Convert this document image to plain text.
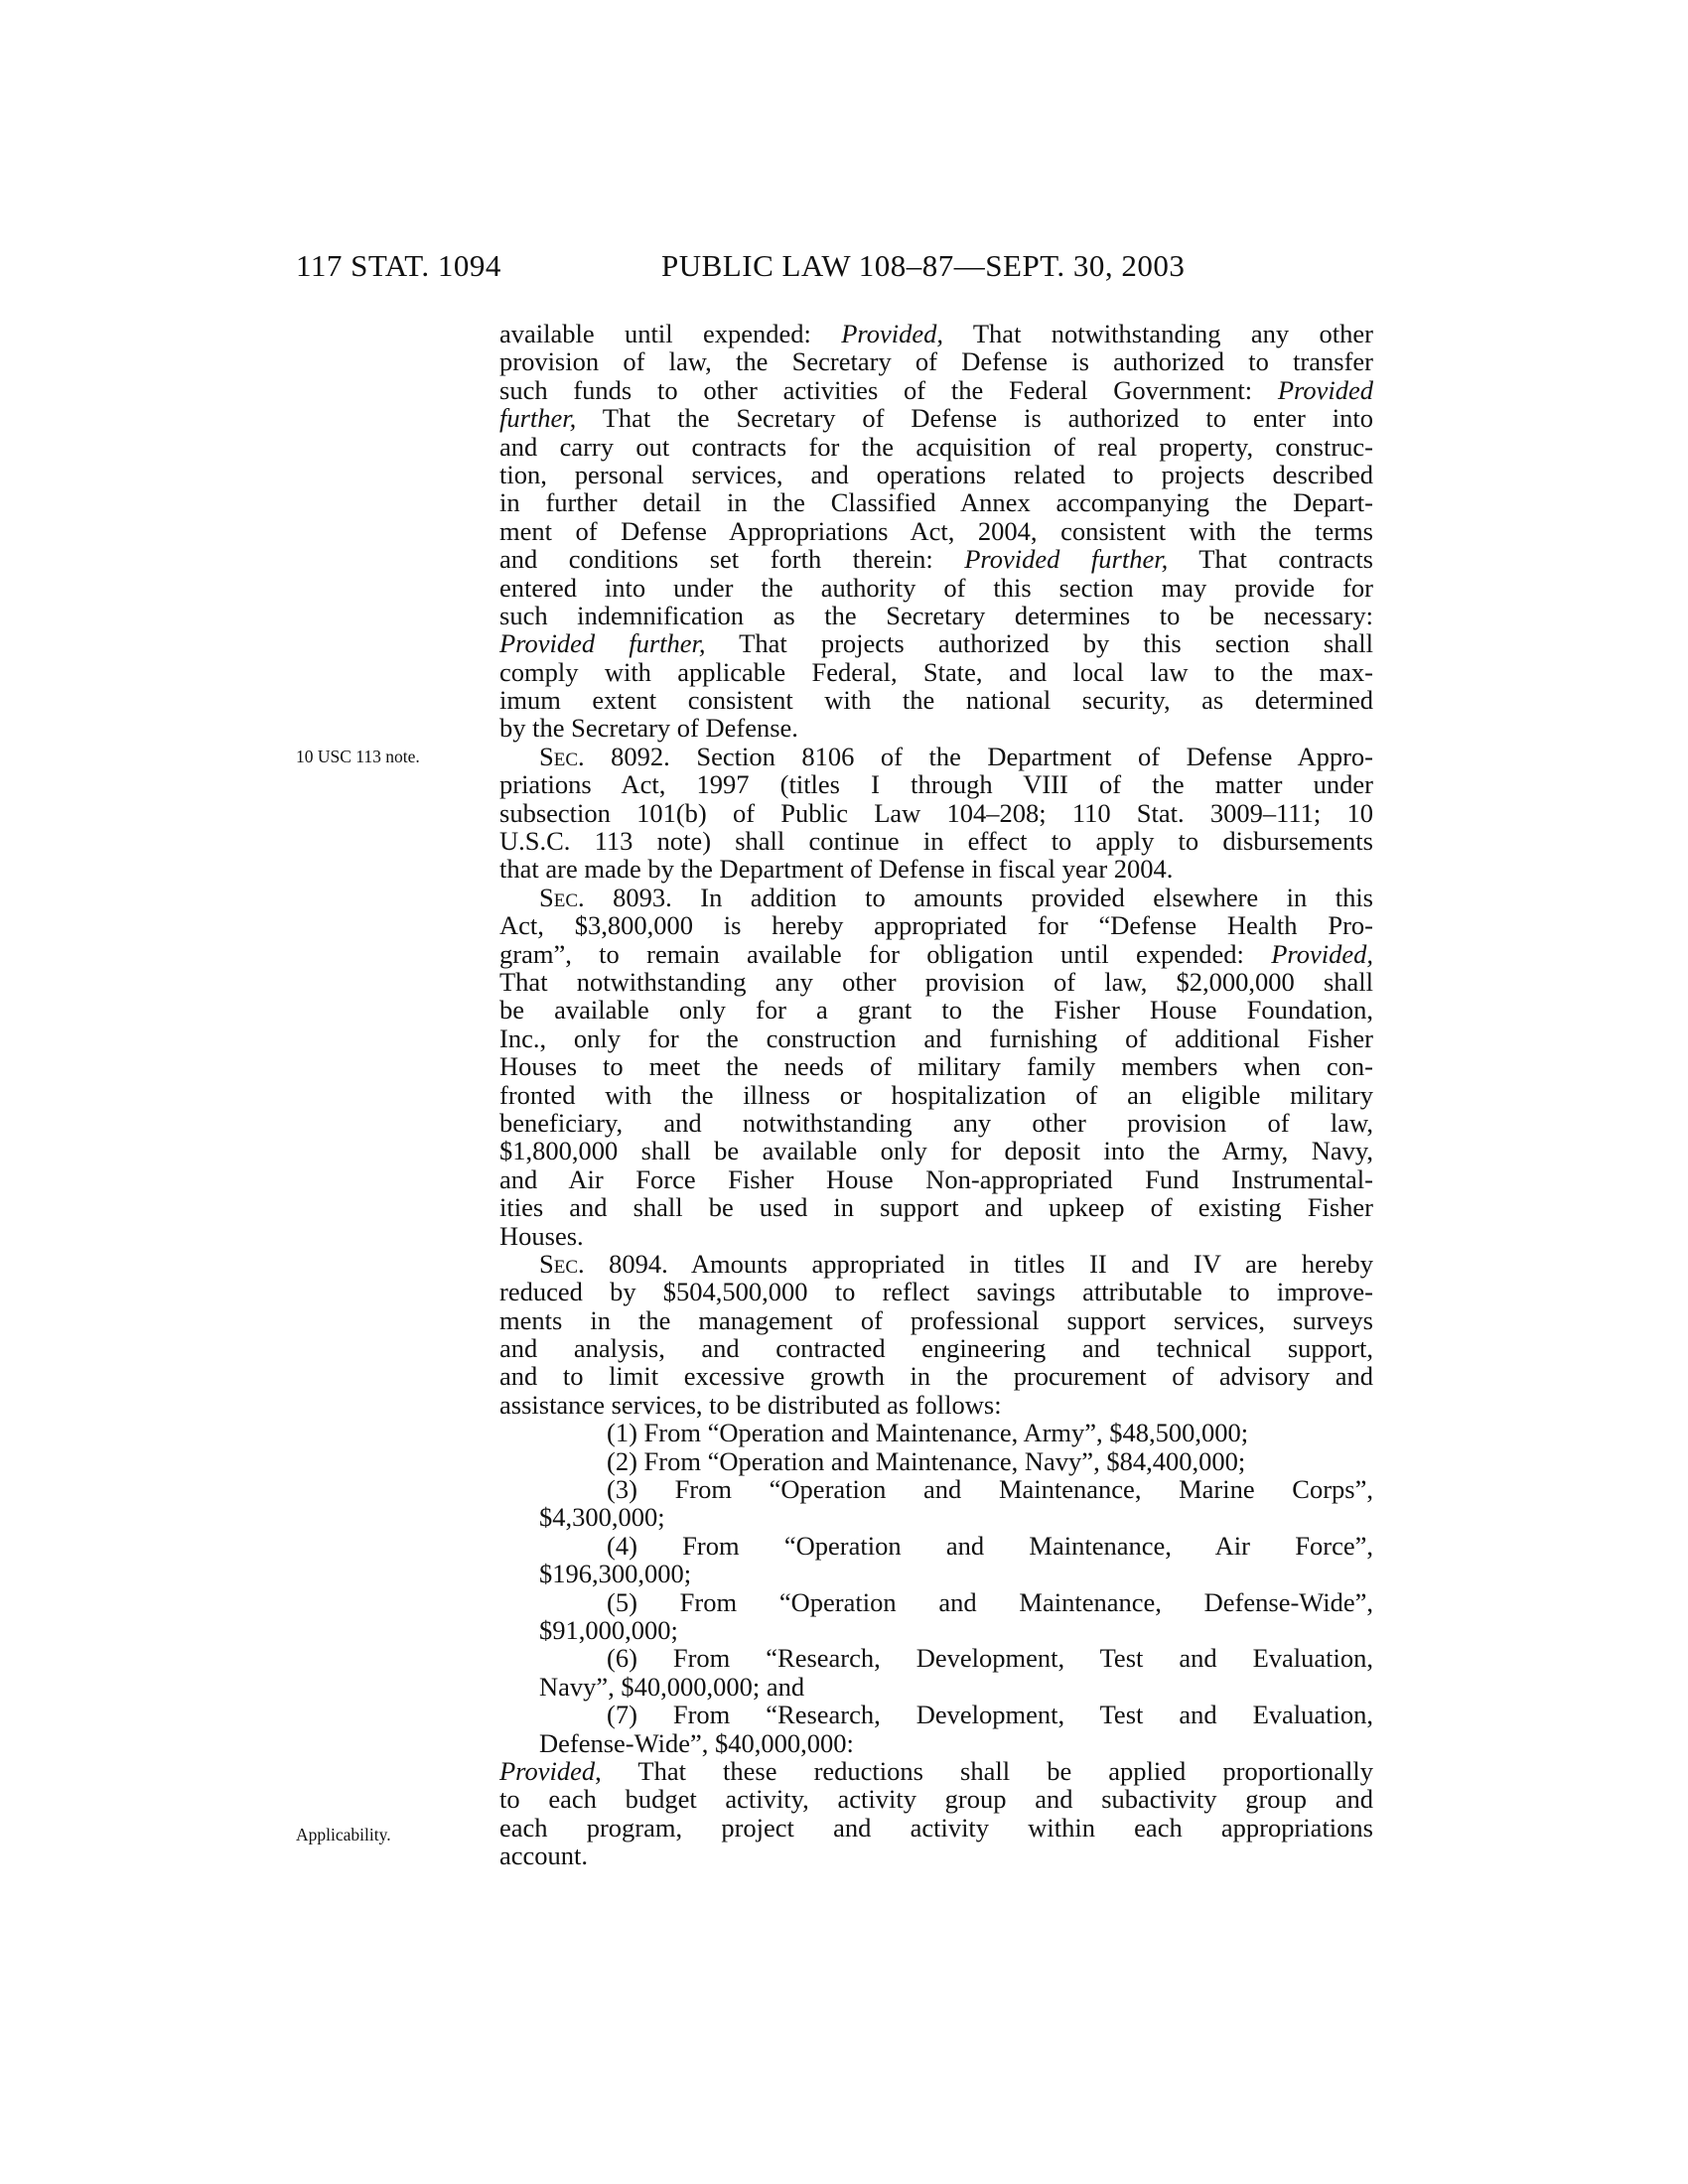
117 STAT. 1094	PUBLIC LAW 108–87—SEPT. 30, 2003
10 USC 113 note.
Applicability.
available until expended: Provided, That notwithstanding any other
provision of law, the Secretary of Defense is authorized to transfer
such funds to other activities of the Federal Government: Provided
further, That the Secretary of Defense is authorized to enter into
and carry out contracts for the acquisition of real property, construc-
tion, personal services, and operations related to projects described
in further detail in the Classified Annex accompanying the Depart-
ment of Defense Appropriations Act, 2004, consistent with the terms
and conditions set forth therein: Provided further, That contracts
entered into under the authority of this section may provide for
such indemnification as the Secretary determines to be necessary:
Provided further, That projects authorized by this section shall
comply with applicable Federal, State, and local law to the max-
imum extent consistent with the national security, as determined
by the Secretary of Defense.
Sec. 8092. Section 8106 of the Department of Defense Appro-
priations Act, 1997 (titles I through VIII of the matter under
subsection 101(b) of Public Law 104–208; 110 Stat. 3009–111; 10
U.S.C. 113 note) shall continue in effect to apply to disbursements
that are made by the Department of Defense in fiscal year 2004.
Sec. 8093. In addition to amounts provided elsewhere in this
Act, $3,800,000 is hereby appropriated for “Defense Health Pro-
gram”, to remain available for obligation until expended: Provided,
That notwithstanding any other provision of law, $2,000,000 shall
be available only for a grant to the Fisher House Foundation,
Inc., only for the construction and furnishing of additional Fisher
Houses to meet the needs of military family members when con-
fronted with the illness or hospitalization of an eligible military
beneficiary, and notwithstanding any other provision of law,
$1,800,000 shall be available only for deposit into the Army, Navy,
and Air Force Fisher House Non-appropriated Fund Instrumental-
ities and shall be used in support and upkeep of existing Fisher
Houses.
Sec. 8094. Amounts appropriated in titles II and IV are hereby
reduced by $504,500,000 to reflect savings attributable to improve-
ments in the management of professional support services, surveys
and analysis, and contracted engineering and technical support,
and to limit excessive growth in the procurement of advisory and
assistance services, to be distributed as follows:
(1) From “Operation and Maintenance, Army”, $48,500,000;
(2) From “Operation and Maintenance, Navy”, $84,400,000;
(3) From “Operation and Maintenance, Marine Corps”,
$4,300,000;
(4) From “Operation and Maintenance, Air Force”,
$196,300,000;
(5) From “Operation and Maintenance, Defense-Wide”,
$91,000,000;
(6) From “Research, Development, Test and Evaluation,
Navy”, $40,000,000; and
(7) From “Research, Development, Test and Evaluation,
Defense-Wide”, $40,000,000:
Provided, That these reductions shall be applied proportionally
to each budget activity, activity group and subactivity group and
each program, project and activity within each appropriations
account.
